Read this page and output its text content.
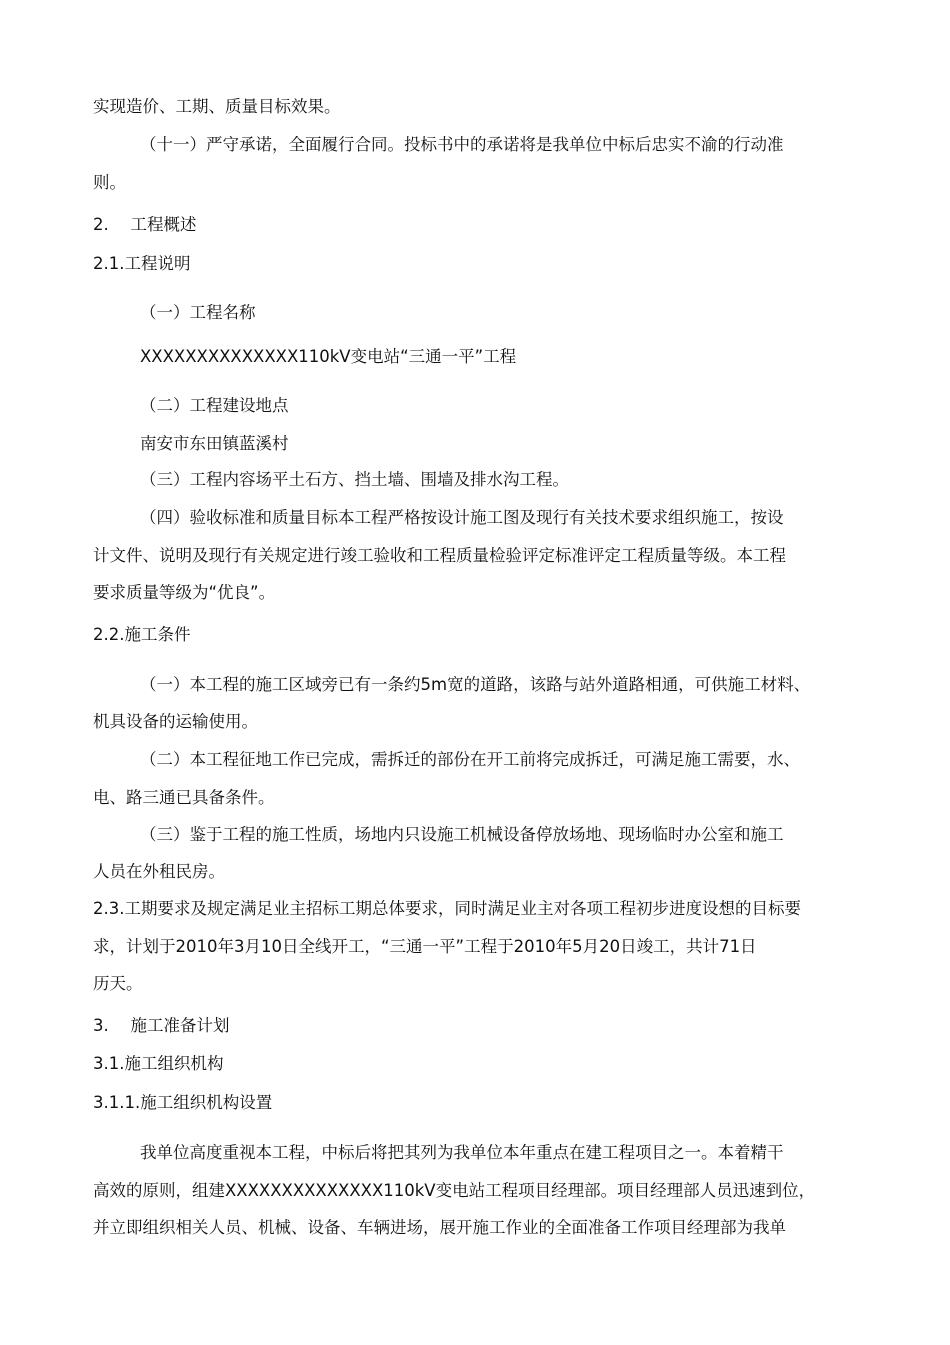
实现造价、工期、质量目标效果。
（十一）严守承诺，全面履行合同。投标书中的承诺将是我单位中标后忠实不渝的行动准
则。
2.　 工程概述
2.1.工程说明
（一）工程名称
XXXXXXXXXXXXXX110kV变电站“三通一平”工程
（二）工程建设地点
南安市东田镇蓝溪村
（三）工程内容场平土石方、挡土墙、围墙及排水沟工程。
（四）验收标准和质量目标本工程严格按设计施工图及现行有关技术要求组织施工，按设
计文件、说明及现行有关规定进行竣工验收和工程质量检验评定标准评定工程质量等级。本工程
要求质量等级为“优良”。
2.2.施工条件
（一）本工程的施工区域旁已有一条约5m宽的道路，该路与站外道路相通，可供施工材料、
机具设备的运输使用。
（二）本工程征地工作已完成，需拆迁的部份在开工前将完成拆迁，可满足施工需要，水、
电、路三通已具备条件。
（三）鉴于工程的施工性质，场地内只设施工机械设备停放场地、现场临时办公室和施工
人员在外租民房。
2.3.工期要求及规定满足业主招标工期总体要求，同时满足业主对各项工程初步进度设想的目标要
求，计划于2010年3月10日全线开工，“三通一平”工程于2010年5月20日竣工，共计71日
历天。
3.　 施工准备计划
3.1.施工组织机构
3.1.1.施工组织机构设置
我单位高度重视本工程，中标后将把其列为我单位本年重点在建工程项目之一。本着精干
高效的原则，组建XXXXXXXXXXXXXX110kV变电站工程项目经理部。项目经理部人员迅速到位，
并立即组织相关人员、机械、设备、车辆进场，展开施工作业的全面准备工作项目经理部为我单
